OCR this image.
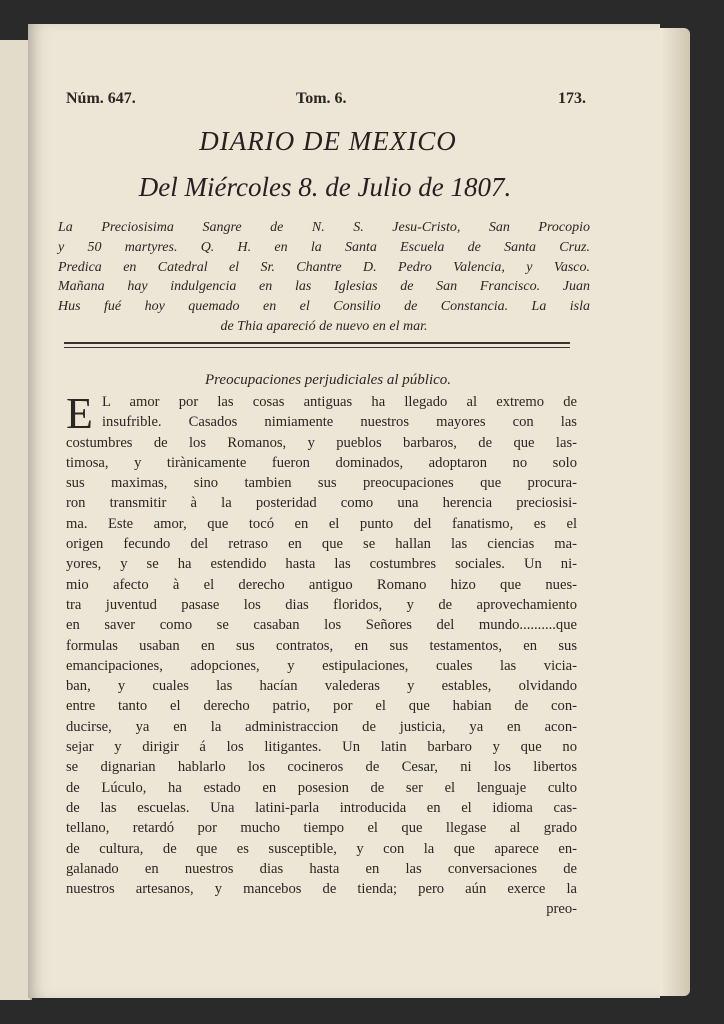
Núm. 647.	Tom. 6.	173.
DIARIO DE MEXICO
Del Miércoles 8. de Julio de 1807.

La Preciosisima Sangre de N. S. Jesu-Cristo, San Procopio
y 50 martyres. Q. H. en la Santa Escuela de Santa Cruz.
Predica en Catedral el Sr. Chantre D. Pedro Valencia, y Vasco.
Mañana hay indulgencia en las Iglesias de San Francisco. Juan
Hus fué hoy quemado en el Consilio de Constancia. La isla
de Thia apareció de nuevo en el mar.

Preocupaciones perjudiciales al público.
E L amor por las cosas antiguas ha llegado al extremo de
insufrible. Casados nimiamente nuestros mayores con las
costumbres de los Romanos, y pueblos barbaros, de que las-
timosa, y tirànicamente fueron dominados, adoptaron no solo
sus maximas, sino tambien sus preocupaciones que procura-
ron transmitir à la posteridad como una herencia preciosisi-
ma. Este amor, que tocó en el punto del fanatismo, es el
origen fecundo del retraso en que se hallan las ciencias ma-
yores, y se ha estendido hasta las costumbres sociales. Un ni-
mio afecto à el derecho antiguo Romano hizo que nues-
tra juventud pasase los dias floridos, y de aprovechamiento
en saver como se casaban los Señores del mundo..........que
formulas usaban en sus contratos, en sus testamentos, en sus
emancipaciones, adopciones, y estipulaciones, cuales las vicia-
ban, y cuales las hacían valederas y estables, olvidando
entre tanto el derecho patrio, por el que habian de con-
ducirse, ya en la administraccion de justicia, ya en acon-
sejar y dirigir á los litigantes. Un latin barbaro y que no
se dignarian hablarlo los cocineros de Cesar, ni los libertos
de Lúculo, ha estado en posesion de ser el lenguaje culto
de las escuelas. Una latini-parla introducida en el idioma cas-
tellano, retardó por mucho tiempo el que llegase al grado
de cultura, de que es susceptible, y con la que aparece en-
galanado en nuestros dias hasta en las conversaciones de
nuestros artesanos, y mancebos de tienda; pero aún exerce la
preo-
